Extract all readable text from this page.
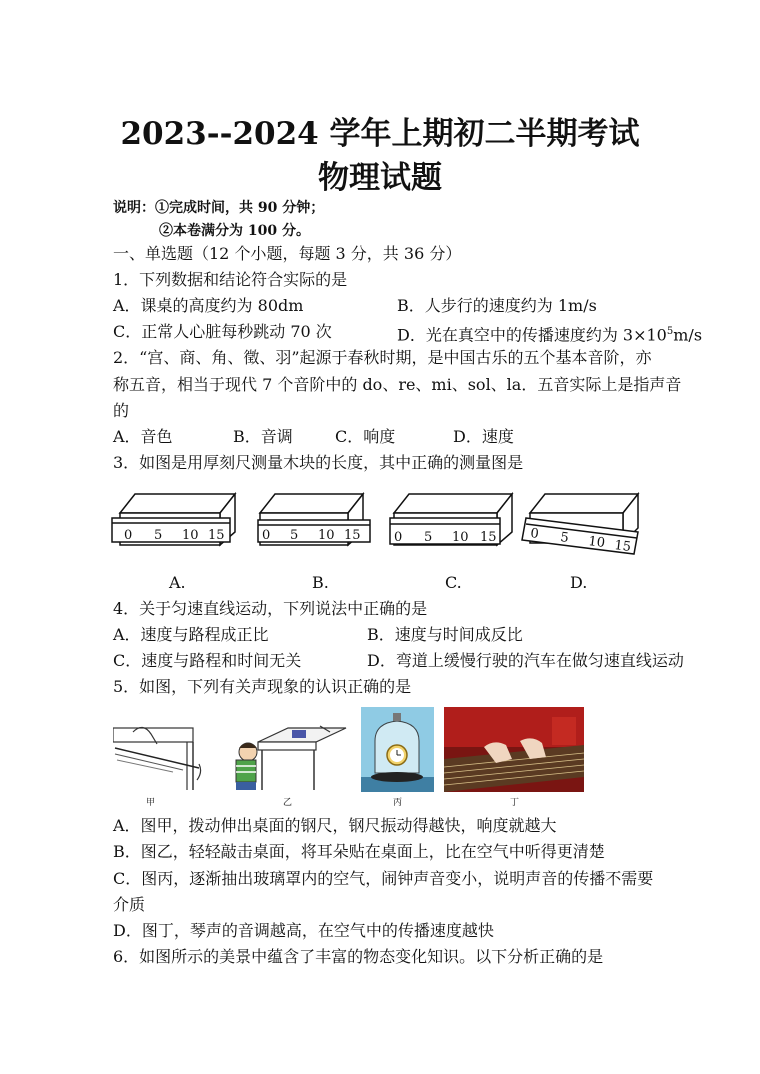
2023--2024 学年上期初二半期考试
物理试题
说明：①完成时间，共 90 分钟；
②本卷满分为 100 分。
一、单选题（12 个小题，每题 3 分，共 36 分）
1．下列数据和结论符合实际的是
A．课桌的高度约为 80dm	B．人步行的速度约为 1m/s
C．正常人心脏每秒跳动 70 次	D．光在真空中的传播速度约为 $3\times 10^5m/s$
2．“宫、商、角、徵、羽”起源于春秋时期，是中国古乐的五个基本音阶，亦
称五音，相当于现代 7 个音阶中的 do、re、mi、sol、la．五音实际上是指声音
的
A．音色	B．音调	C．响度	D．速度
3．如图是用厚刻尺测量木块的长度，其中正确的测量图是
0 5 10 15	0 5 10 15	0 5 10 15	0 5 10 15
A.	B.	C.	D.
4．关于匀速直线运动，下列说法中正确的是
A．速度与路程成正比	B．速度与时间成反比
C．速度与路程和时间无关	D．弯道上缓慢行驶的汽车在做匀速直线运动
5．如图，下列有关声现象的认识正确的是
甲	乙	丙	丁
A．图甲，拨动伸出桌面的钢尺，钢尺振动得越快，响度就越大
B．图乙，轻轻敲击桌面，将耳朵贴在桌面上，比在空气中听得更清楚
C．图丙，逐渐抽出玻璃罩内的空气，闹钟声音变小，说明声音的传播不需要
介质
D．图丁，琴声的音调越高，在空气中的传播速度越快
6．如图所示的美景中蕴含了丰富的物态变化知识。以下分析正确的是
